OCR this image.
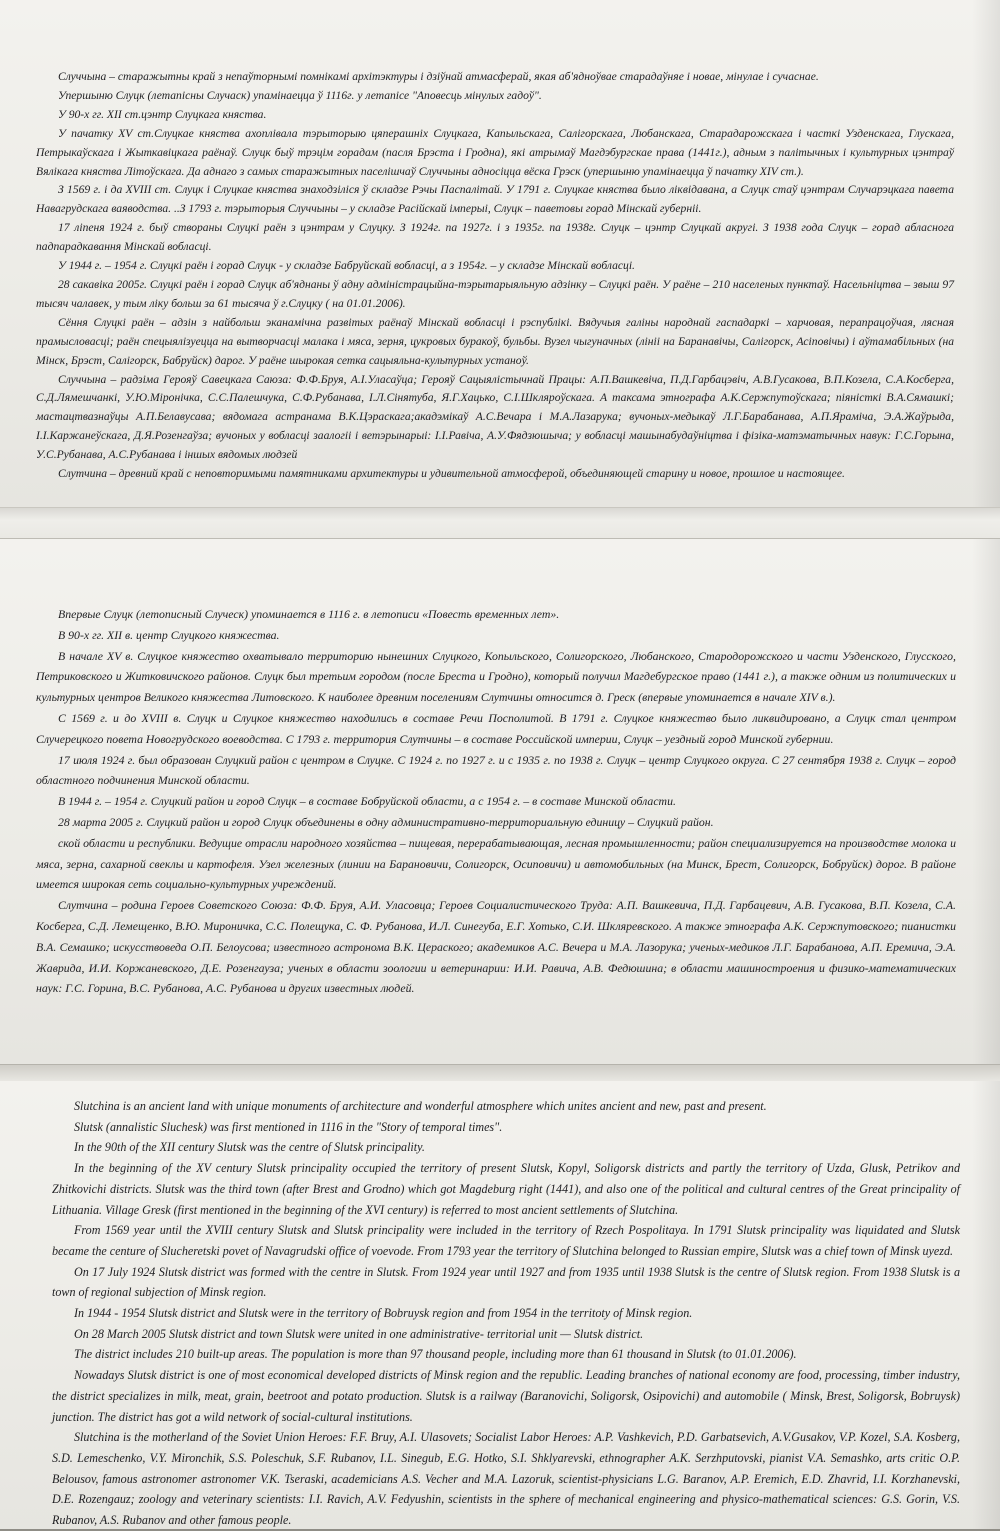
Случчына – старажытны край з непаўторнымі помнікамі архітэктуры і дзіўнай атмасферай, якая аб'ядноўвае старадаўняе і новае, мінулае і сучаснае.

Упершыню Слуцк (летапісны Случаск) упамінаецца ў 1116г. у летапісе "Аповесць мінулых гадоў".

У 90-х гг. XII ст.цэнтр Слуцкага княства.

У пачатку XV ст.Слуцкае княства ахоплівала тэрыторыю цяперашніх Слуцкага, Капыльскага, Салігорскага, Любанскага, Старадарожскага і часткі Узденскага, Глускага, Петрыкаўскага і Жыткавіцкага раёнаў. Слуцк быў трэцім горадам (пасля Брэста і Гродна), які атрымаў Магдэбургскае права (1441г.), адным з палітычных і культурных цэнтраў Вялікага княства Літоўскага. Да аднаго з самых старажытных паселішчаў Случчыны адносіцца вёска Грэск (упершыню упамінаецца ў пачатку XIV ст.).

З 1569 г. і да XVIII ст. Слуцк і Слуцкае княства знаходзіліся ў складзе Рэчы Паспалітай. У 1791 г. Слуцкае княства было ліквідавана, а Слуцк стаў цэнтрам Случарэцкага павета Навагрудскага ваяводства. ..З 1793 г. тэрыторыя Случчыны – у складзе Расійскай імперыі, Слуцк – паветовы горад Мінскай губерніі.

17 ліпеня 1924 г. быў створаны Слуцкі раён з цэнтрам у Слуцку. З 1924г. па 1927г. і з 1935г. па 1938г. Слуцк – цэнтр Слуцкай акругі. З 1938 года Слуцк – горад абласнога падпарадкавання Мінскай вобласці.

У 1944 г. – 1954 г. Слуцкі раён і горад Слуцк - у складзе Бабруйскай вобласці, а з 1954г. – у складзе Мінскай вобласці.

28 сакавіка 2005г. Слуцкі раён і горад Слуцк аб'яднаны ў адну адміністрацыйна-тэрытарыяльную адзінку – Слуцкі раён. У раёне – 210 населеных пунктаў. Насельніцтва – звыш 97 тысяч чалавек, у тым ліку больш за 61 тысяча ў г.Слуцку ( на 01.01.2006).

Сёння Слуцкі раён – адзін з найбольш эканамічна развітых раёнаў Мінскай вобласці і рэспублікі. Вядучыя галіны народнай гаспадаркі – харчовая, перапрацоўчая, лясная прамысловасці; раён спецыялізуецца на вытворчасці малака і мяса, зерня, цукровых буракоў, бульбы. Вузел чыгуначных (лініі на Баранавічы, Салігорск, Асіповічы) і аўтамабільных (на Мінск, Брэст, Салігорск, Бабруйск) дарог. У раёне шырокая сетка сацыяльна-культурных устаноў.

Случчына – радзіма Герояў Савецкага Саюза: Ф.Ф.Бруя, А.І.Уласаўца; Герояў Сацыялістычнай Працы: А.П.Вашкевіча, П.Д.Гарбацэвіч, А.В.Гусакова, В.П.Козела, С.А.Косберга, С.Д.Лямешчанкі, У.Ю.Міронічка, С.С.Палешчука, С.Ф.Рубанава, І.Л.Сінятуба, Я.Г.Хацько, С.І.Шкляроўскага. А таксама этнографа А.К.Сержпутоўскага; піяністкі В.А.Сямашкі; мастацтвазнаўцы А.П.Белавусава; вядомага астранама В.К.Цэраскага;акадэмікаў А.С.Вечара і М.А.Лазарука; вучоных-медыкаў Л.Г.Барабанава, А.П.Яраміча, Э.А.Жаўрыда, І.І.Каржанеўскага, Д.Я.Розенгаўза; вучоных у вобласці заалогіі і ветэрынарыі: І.І.Равіча, А.У.Фядзюшыча; у вобласці машынабудаўніцтва і фізіка-матэматычных навук: Г.С.Горына, У.С.Рубанава, А.С.Рубанава і іншых вядомых людзей

Слутчина – древний край с неповторимыми памятниками архитектуры и удивительной атмосферой, объединяющей старину и новое, прошлое и настоящее.

Впервые Слуцк (летописный Случеск) упоминается в 1116 г. в летописи «Повесть временных лет».

В 90-х гг. XII в. центр Слуцкого княжества.

В начале XV в. Слуцкое княжество охватывало территорию нынешних Слуцкого, Копыльского, Солигорского, Любанского, Стародорожского и части Узденского, Глусского, Петриковского и Житковичского районов. Слуцк был третьим городом (после Бреста и Гродно), который получил Магдебургское право (1441 г.), а также одним из политических и культурных центров Великого княжества Литовского. К наиболее древним поселениям Слутчины относится д. Греск (впервые упоминается в начале XIV в.).

С 1569 г. и до XVIII в. Слуцк и Слуцкое княжество находились в составе Речи Посполитой. В 1791 г. Слуцкое княжество было ликвидировано, а Слуцк стал центром Случерецкого повета Новогрудского воеводства. С 1793 г. территория Слутчины – в составе Российской империи, Слуцк – уездный город Минской губернии.

17 июля 1924 г. был образован Слуцкий район с центром в Слуцке. С 1924 г. по 1927 г. и с 1935 г. по 1938 г. Слуцк – центр Слуцкого округа. С 27 сентября 1938 г. Слуцк – город областного подчинения Минской области.

В 1944 г. – 1954 г. Слуцкий район и город Слуцк – в составе Бобруйской области, а с 1954 г. – в составе Минской области.

28 марта 2005 г. Слуцкий район и город Слуцк объединены в одну административно-территориальную единицу – Слуцкий район.

ской области и республики. Ведущие отрасли народного хозяйства – пищевая, перерабатывающая, лесная промышленности; район специализируется на производстве молока и мяса, зерна, сахарной свеклы и картофеля. Узел железных (линии на Барановичи, Солигорск, Осиповичи) и автомобильных (на Минск, Брест, Солигорск, Бобруйск) дорог. В районе имеется широкая сеть социально-культурных учреждений.

Слутчина – родина Героев Советского Союза: Ф.Ф. Бруя, А.И. Уласовца; Героев Социалистического Труда: А.П. Вашкевича, П.Д. Гарбацевич, А.В. Гусакова, В.П. Козела, С.А. Косберга, С.Д. Лемещенко, В.Ю. Мироничка, С.С. Полещука, С. Ф. Рубанова, И.Л. Синегуба, Е.Г. Хотько, С.И. Шкляревского. А также этнографа А.К. Сержпутовского; пианистки В.А. Семашко; искусствоведа О.П. Белоусова; известного астронома В.К. Цераского; академиков А.С. Вечера и М.А. Лазорука; ученых-медиков Л.Г. Барабанова, А.П. Еремича, Э.А. Жаврида, И.И. Коржаневского, Д.Е. Розенгауза; ученых в области зоологии и ветеринарии: И.И. Равича, А.В. Федюшина; в области машиностроения и физико-математических наук: Г.С. Горина, В.С. Рубанова, А.С. Рубанова и других известных людей.

Slutchina is an ancient land with unique monuments of architecture and wonderful atmosphere which unites ancient and new, past and present.

Slutsk (annalistic Sluchesk) was first mentioned in 1116 in the "Story of temporal times".

In the 90th of the XII century Slutsk was the centre of Slutsk principality.

In the beginning of the XV century Slutsk principality occupied the territory of present Slutsk, Kopyl, Soligorsk districts and partly the territory of Uzda, Glusk, Petrikov and Zhitkovichi districts. Slutsk was the third town (after Brest and Grodno) which got Magdeburg right (1441), and also one of the political and cultural centres of the Great principality of Lithuania. Village Gresk (first mentioned in the beginning of the XVI century) is referred to most ancient settlements of Slutchina.

From 1569 year until the XVIII century Slutsk and Slutsk principality were included in the territory of Rzech Pospolitaya. In 1791 Slutsk principality was liquidated and Slutsk became the centure of Slucheretski povet of Navagrudski office of voevode. From 1793 year the territory of Slutchina belonged to Russian empire, Slutsk was a chief town of Minsk uyezd.

On 17 July 1924 Slutsk district was formed with the centre in Slutsk. From 1924 year until 1927 and from 1935 until 1938 Slutsk is the centre of Slutsk region. From 1938 Slutsk is a town of regional subjection of Minsk region.

In 1944 - 1954 Slutsk district and Slutsk were in the territory of Bobruysk region and from 1954 in the territoty of Minsk region.

On 28 March 2005 Slutsk district and town Slutsk were united in one administrative- territorial unit — Slutsk district.

The district includes 210 built-up areas. The population is more than 97 thousand people, including more than 61 thousand in Slutsk (to 01.01.2006).

Nowadays Slutsk district is one of most economical developed districts of Minsk region and the republic. Leading branches of national economy are food, processing, timber industry, the district specializes in milk, meat, grain, beetroot and potato production. Slutsk is a railway (Baranovichi, Soligorsk, Osipovichi) and automobile ( Minsk, Brest, Soligorsk, Bobruysk) junction. The district has got a wild network of social-cultural institutions.

Slutchina is the motherland of the Soviet Union Heroes: F.F. Bruy, A.I. Ulasovets; Socialist Labor Heroes: A.P. Vashkevich, P.D. Garbatsevich, A.V.Gusakov, V.P. Kozel, S.A. Kosberg, S.D. Lemeschenko, V.Y. Mironchik, S.S. Poleschuk, S.F. Rubanov, I.L. Sinegub, E.G. Hotko, S.I. Shklyarevski, ethnographer A.K. Serzhputovski, pianist V.A. Semashko, arts critic O.P. Belousov, famous astronomer astronomer V.K. Tseraski, academicians A.S. Vecher and M.A. Lazoruk, scientist-physicians L.G. Baranov, A.P. Eremich, E.D. Zhavrid, I.I. Korzhanevski, D.E. Rozengauz; zoology and veterinary scientists: I.I. Ravich, A.V. Fedyushin, scientists in the sphere of mechanical engineering and physico-mathematical sciences: G.S. Gorin, V.S. Rubanov, A.S. Rubanov and other famous people.
